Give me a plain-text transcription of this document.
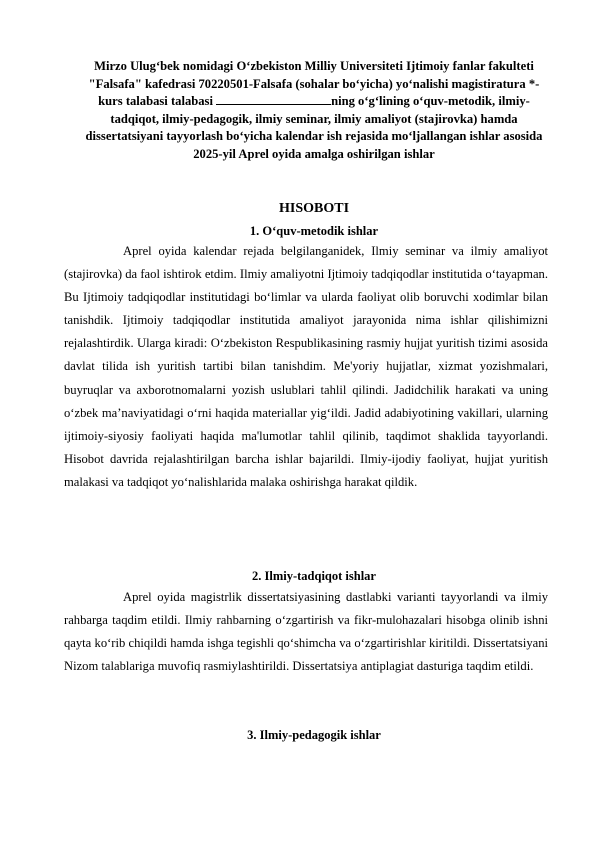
Mirzo Ulug‘bek nomidagi O‘zbekiston Milliy Universiteti Ijtimoiy fanlar fakulteti "Falsafa" kafedrasi 70220501-Falsafa (sohalar bo‘yicha) yo‘nalishi magistiratura *-kurs talabasi talabasi	ning o‘g‘lining o‘quv-metodik, ilmiy-tadqiqot, ilmiy-pedagogik, ilmiy seminar, ilmiy amaliyot (stajirovka) hamda dissertatsiyani tayyorlash bo‘yicha kalendar ish rejasida mo‘ljallangan ishlar asosida 2025-yil Aprel oyida amalga oshirilgan ishlar
HISOBOTI
1. O‘quv-metodik ishlar
Aprel oyida kalendar rejada belgilanganidek, Ilmiy seminar va ilmiy amaliyot (stajirovka) da faol ishtirok etdim. Ilmiy amaliyotni Ijtimoiy tadqiqodlar institutida o‘tayapman. Bu Ijtimoiy tadqiqodlar institutidagi bo‘limlar va ularda faoliyat olib boruvchi xodimlar bilan tanishdik. Ijtimoiy tadqiqodlar institutida amaliyot jarayonida nima ishlar qilishimizni rejalashtirdik. Ularga kiradi: O‘zbekiston Respublikasining rasmiy hujjat yuritish tizimi asosida davlat tilida ish yuritish tartibi bilan tanishdim. Me'yoriy hujjatlar, xizmat yozishmalari, buyruqlar va axborotnomalarni yozish uslublari tahlil qilindi. Jadidchilik harakati va uning o‘zbek ma’naviyatidagi o‘rni haqida materiallar yig‘ildi. Jadid adabiyotining vakillari, ularning ijtimoiy-siyosiy faoliyati haqida ma'lumotlar tahlil qilinib, taqdimot shaklida tayyorlandi. Hisobot davrida rejalashtirilgan barcha ishlar bajarildi. Ilmiy-ijodiy faoliyat, hujjat yuritish malakasi va tadqiqot yo‘nalishlarida malaka oshirishga harakat qildik.
2. Ilmiy-tadqiqot ishlar
Aprel oyida magistrlik dissertatsiyasining dastlabki varianti tayyorlandi va ilmiy rahbarga taqdim etildi. Ilmiy rahbarning o‘zgartirish va fikr-mulohazalari hisobga olinib ishni qayta ko‘rib chiqildi hamda ishga tegishli qo‘shimcha va o‘zgartirishlar kiritildi. Dissertatsiyani Nizom talablariga muvofiq rasmiylashtirildi. Dissertatsiya antiplagiat dasturiga taqdim etildi.
3. Ilmiy-pedagogik ishlar
